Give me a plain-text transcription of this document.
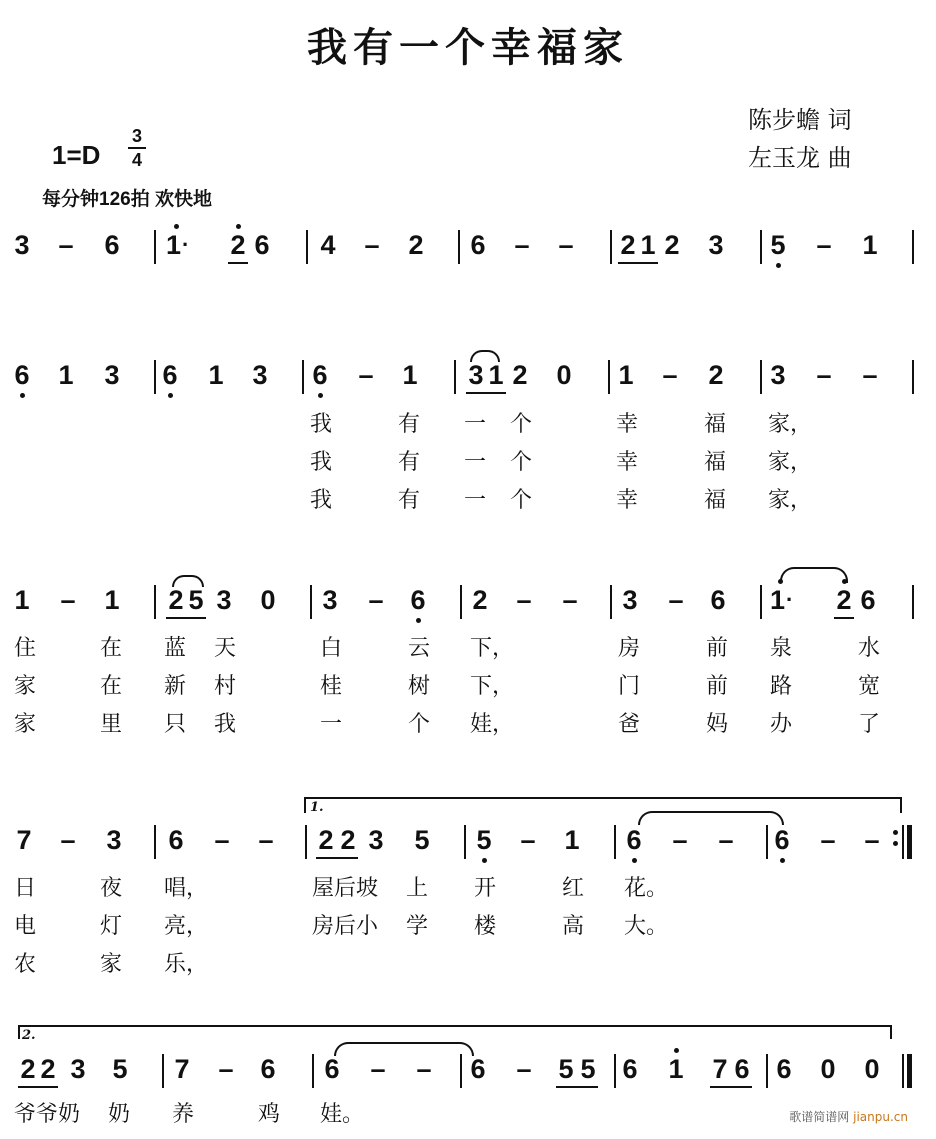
我有一个幸福家
陈步蟾 词
左玉龙 曲
1=D
3
4
每分钟126拍 欢快地
3 – 6 1 · 2 6 4 – 2 6 – – 2 1 2 3 5 – 1
6 1 3 6 1 3 6 – 1 3 1 2 0 1 – 2 3 – –
我	有 一 个	幸	福 家，
我	有 一 个	幸	福 家，
我	有 一 个	幸	福 家，
1 – 1 2 5 3 0 3 – 6 2 – – 3 – 6 1 · 2 6
住	在 蓝 天	白	云 下，	房	前 泉	水
家	在 新 村	桂	树 下，	门	前 路	宽
家	里 只 我	一	个 娃，	爸	妈 办	了
1.
7 – 3 6 – – 2 2 3 5 5 – 1 6 – – 6 – –
日	夜 唱，	屋后坡 上 开	红 花。
电	灯 亮，	房后小 学 楼	高 大。
农	家 乐，
2.
2 2 3 5 7 – 6 6 – – 6 – 5 5 6 1 7 6 6 0 0
爷爷奶 奶 养	鸡 娃。	歌谱简谱网 jianpu.cn
